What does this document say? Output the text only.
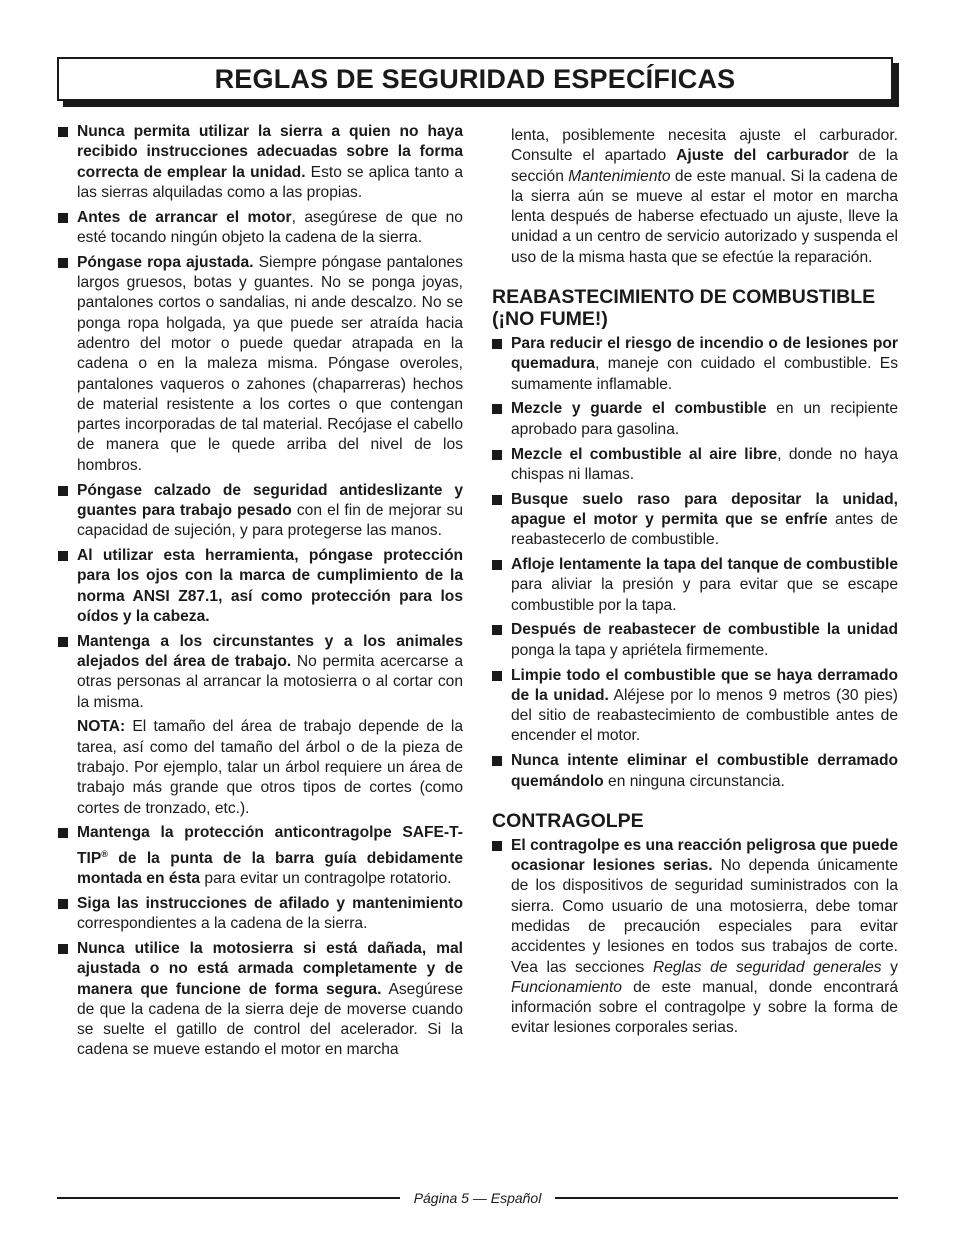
REGLAS DE SEGURIDAD ESPECÍFICAS
Nunca permita utilizar la sierra a quien no haya recibido instrucciones adecuadas sobre la forma correcta de emplear la unidad. Esto se aplica tanto a las sierras alquiladas como a las propias.
Antes de arrancar el motor, asegúrese de que no esté tocando ningún objeto la cadena de la sierra.
Póngase ropa ajustada. Siempre póngase pantalones largos gruesos, botas y guantes. No se ponga joyas, pantalones cortos o sandalias, ni ande descalzo. No se ponga ropa holgada, ya que puede ser atraída hacia adentro del motor o puede quedar atrapada en la cadena o en la maleza misma. Póngase overoles, pantalones vaqueros o zahones (chaparreras) hechos de material resistente a los cortes o que contengan partes incorporadas de tal material. Recójase el cabello de manera que le quede arriba del nivel de los hombros.
Póngase calzado de seguridad antideslizante y guantes para trabajo pesado con el fin de mejorar su capacidad de sujeción, y para protegerse las manos.
Al utilizar esta herramienta, póngase protección para los ojos con la marca de cumplimiento de la norma ANSI Z87.1, así como protección para los oídos y la cabeza.
Mantenga a los circunstantes y a los animales alejados del área de trabajo. No permita acercarse a otras personas al arrancar la motosierra o al cortar con la misma.

NOTA: El tamaño del área de trabajo depende de la tarea, así como del tamaño del árbol o de la pieza de trabajo. Por ejemplo, talar un árbol requiere un área de trabajo más grande que otros tipos de cortes (como cortes de tronzado, etc.).

Mantenga la protección anticontragolpe SAFE-T-TIP® de la punta de la barra guía debidamente montada en ésta para evitar un contragolpe rotatorio.
Siga las instrucciones de afilado y mantenimiento correspondientes a la cadena de la sierra.
Nunca utilice la motosierra si está dañada, mal ajustada o no está armada completamente y de manera que funcione de forma segura. Asegúrese de que la cadena de la sierra deje de moverse cuando se suelte el gatillo de control del acelerador. Si la cadena se mueve estando el motor en marcha

lenta, posiblemente necesita ajuste el carburador. Consulte el apartado Ajuste del carburador de la sección Mantenimiento de este manual. Si la cadena de la sierra aún se mueve al estar el motor en marcha lenta después de haberse efectuado un ajuste, lleve la unidad a un centro de servicio autorizado y suspenda el uso de la misma hasta que se efectúe la reparación.

REABASTECIMIENTO DE COMBUSTIBLE (¡NO FUME!)
Para reducir el riesgo de incendio o de lesiones por quemadura, maneje con cuidado el combustible. Es sumamente inflamable.
Mezcle y guarde el combustible en un recipiente aprobado para gasolina.
Mezcle el combustible al aire libre, donde no haya chispas ni llamas.
Busque suelo raso para depositar la unidad, apague el motor y permita que se enfríe antes de reabastecerlo de combustible.
Afloje lentamente la tapa del tanque de combustible para aliviar la presión y para evitar que se escape combustible por la tapa.
Después de reabastecer de combustible la unidad ponga la tapa y apriétela firmemente.
Limpie todo el combustible que se haya derramado de la unidad. Aléjese por lo menos 9 metros (30 pies) del sitio de reabastecimiento de combustible antes de encender el motor.
Nunca intente eliminar el combustible derramado quemándolo en ninguna circunstancia.
CONTRAGOLPE
El contragolpe es una reacción peligrosa que puede ocasionar lesiones serias. No dependa únicamente de los dispositivos de seguridad suministrados con la sierra. Como usuario de una motosierra, debe tomar medidas de precaución especiales para evitar accidentes y lesiones en todos sus trabajos de corte. Vea las secciones Reglas de seguridad generales y Funcionamiento de este manual, donde encontrará información sobre el contragolpe y sobre la forma de evitar lesiones corporales serias.
Página 5 — Español
